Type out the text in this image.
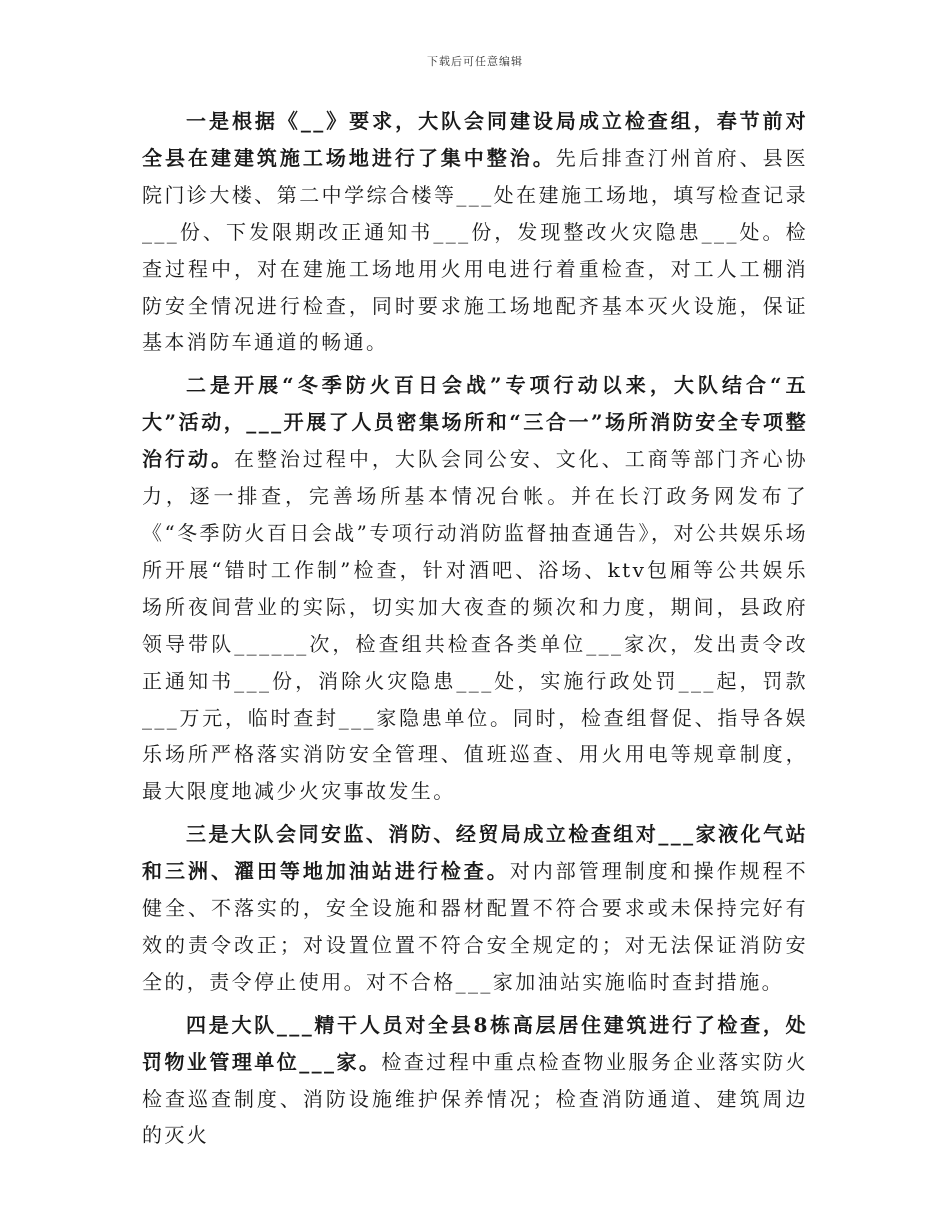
下载后可任意编辑

一是根据《__》要求，大队会同建设局成立检查组，春节前对全县在建建筑施工场地进行了集中整治。先后排查汀州首府、县医院门诊大楼、第二中学综合楼等___处在建施工场地，填写检查记录___份、下发限期改正通知书___份，发现整改火灾隐患___处。检查过程中，对在建施工场地用火用电进行着重检查，对工人工棚消防安全情况进行检查，同时要求施工场地配齐基本灭火设施，保证基本消防车通道的畅通。

二是开展“冬季防火百日会战”专项行动以来，大队结合“五大”活动，___开展了人员密集场所和“三合一”场所消防安全专项整治行动。在整治过程中，大队会同公安、文化、工商等部门齐心协力，逐一排查，完善场所基本情况台帐。并在长汀政务网发布了《“冬季防火百日会战”专项行动消防监督抽查通告》，对公共娱乐场所开展“错时工作制”检查，针对酒吧、浴场、ktv包厢等公共娱乐场所夜间营业的实际，切实加大夜查的频次和力度，期间，县政府领导带队______次，检查组共检查各类单位___家次，发出责令改正通知书___份，消除火灾隐患___处，实施行政处罚___起，罚款___万元，临时查封___家隐患单位。同时，检查组督促、指导各娱乐场所严格落实消防安全管理、值班巡查、用火用电等规章制度，最大限度地减少火灾事故发生。

三是大队会同安监、消防、经贸局成立检查组对___家液化气站和三洲、濯田等地加油站进行检查。对内部管理制度和操作规程不健全、不落实的，安全设施和器材配置不符合要求或未保持完好有效的责令改正；对设置位置不符合安全规定的；对无法保证消防安全的，责令停止使用。对不合格___家加油站实施临时查封措施。

四是大队___精干人员对全县8栋高层居住建筑进行了检查，处罚物业管理单位___家。检查过程中重点检查物业服务企业落实防火检查巡查制度、消防设施维护保养情况；检查消防通道、建筑周边的灭火
